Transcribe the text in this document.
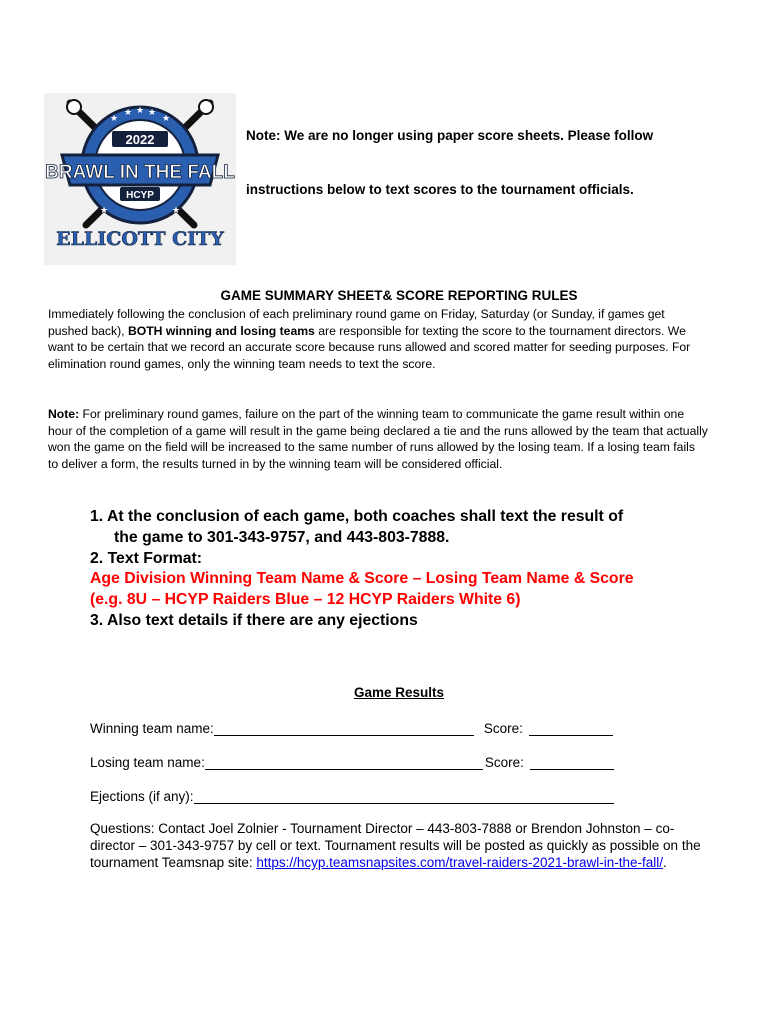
★
★ ★ ★
★
★	★
2022
BRAWL IN THE FALL
HCYP
ELLICOTT CITY
Note: We are no longer using paper score sheets. Please follow
instructions below to text scores to the tournament officials.
GAME SUMMARY SHEET& SCORE REPORTING RULES

Immediately following the conclusion of each preliminary round game on Friday, Saturday (or Sunday, if games get pushed back), BOTH winning and losing teams are responsible for texting the score to the tournament directors. We want to be certain that we record an accurate score because runs allowed and scored matter for seeding purposes. For elimination round games, only the winning team needs to text the score.

Note: For preliminary round games, failure on the part of the winning team to communicate the game result within one hour of the completion of a game will result in the game being declared a tie and the runs allowed by the team that actually won the game on the field will be increased to the same number of runs allowed by the losing team. If a losing team fails to deliver a form, the results turned in by the winning team will be considered official.

1. At the conclusion of each game, both coaches shall text the result of
the game to 301-343-9757, and 443-803-7888.
2. Text Format:
Age Division Winning Team Name & Score – Losing Team Name & Score
(e.g. 8U – HCYP Raiders Blue – 12 HCYP Raiders White 6)
3. Also text details if there are any ejections
Game Results
Winning team name:	Score:
Losing team name:	Score:
Ejections (if any):
Questions: Contact Joel Zolnier - Tournament Director – 443-803-7888 or Brendon Johnston – co-director – 301-343-9757 by cell or text. Tournament results will be posted as quickly as possible on the tournament Teamsnap site: https://hcyp.teamsnapsites.com/travel-raiders-2021-brawl-in-the-fall/.
